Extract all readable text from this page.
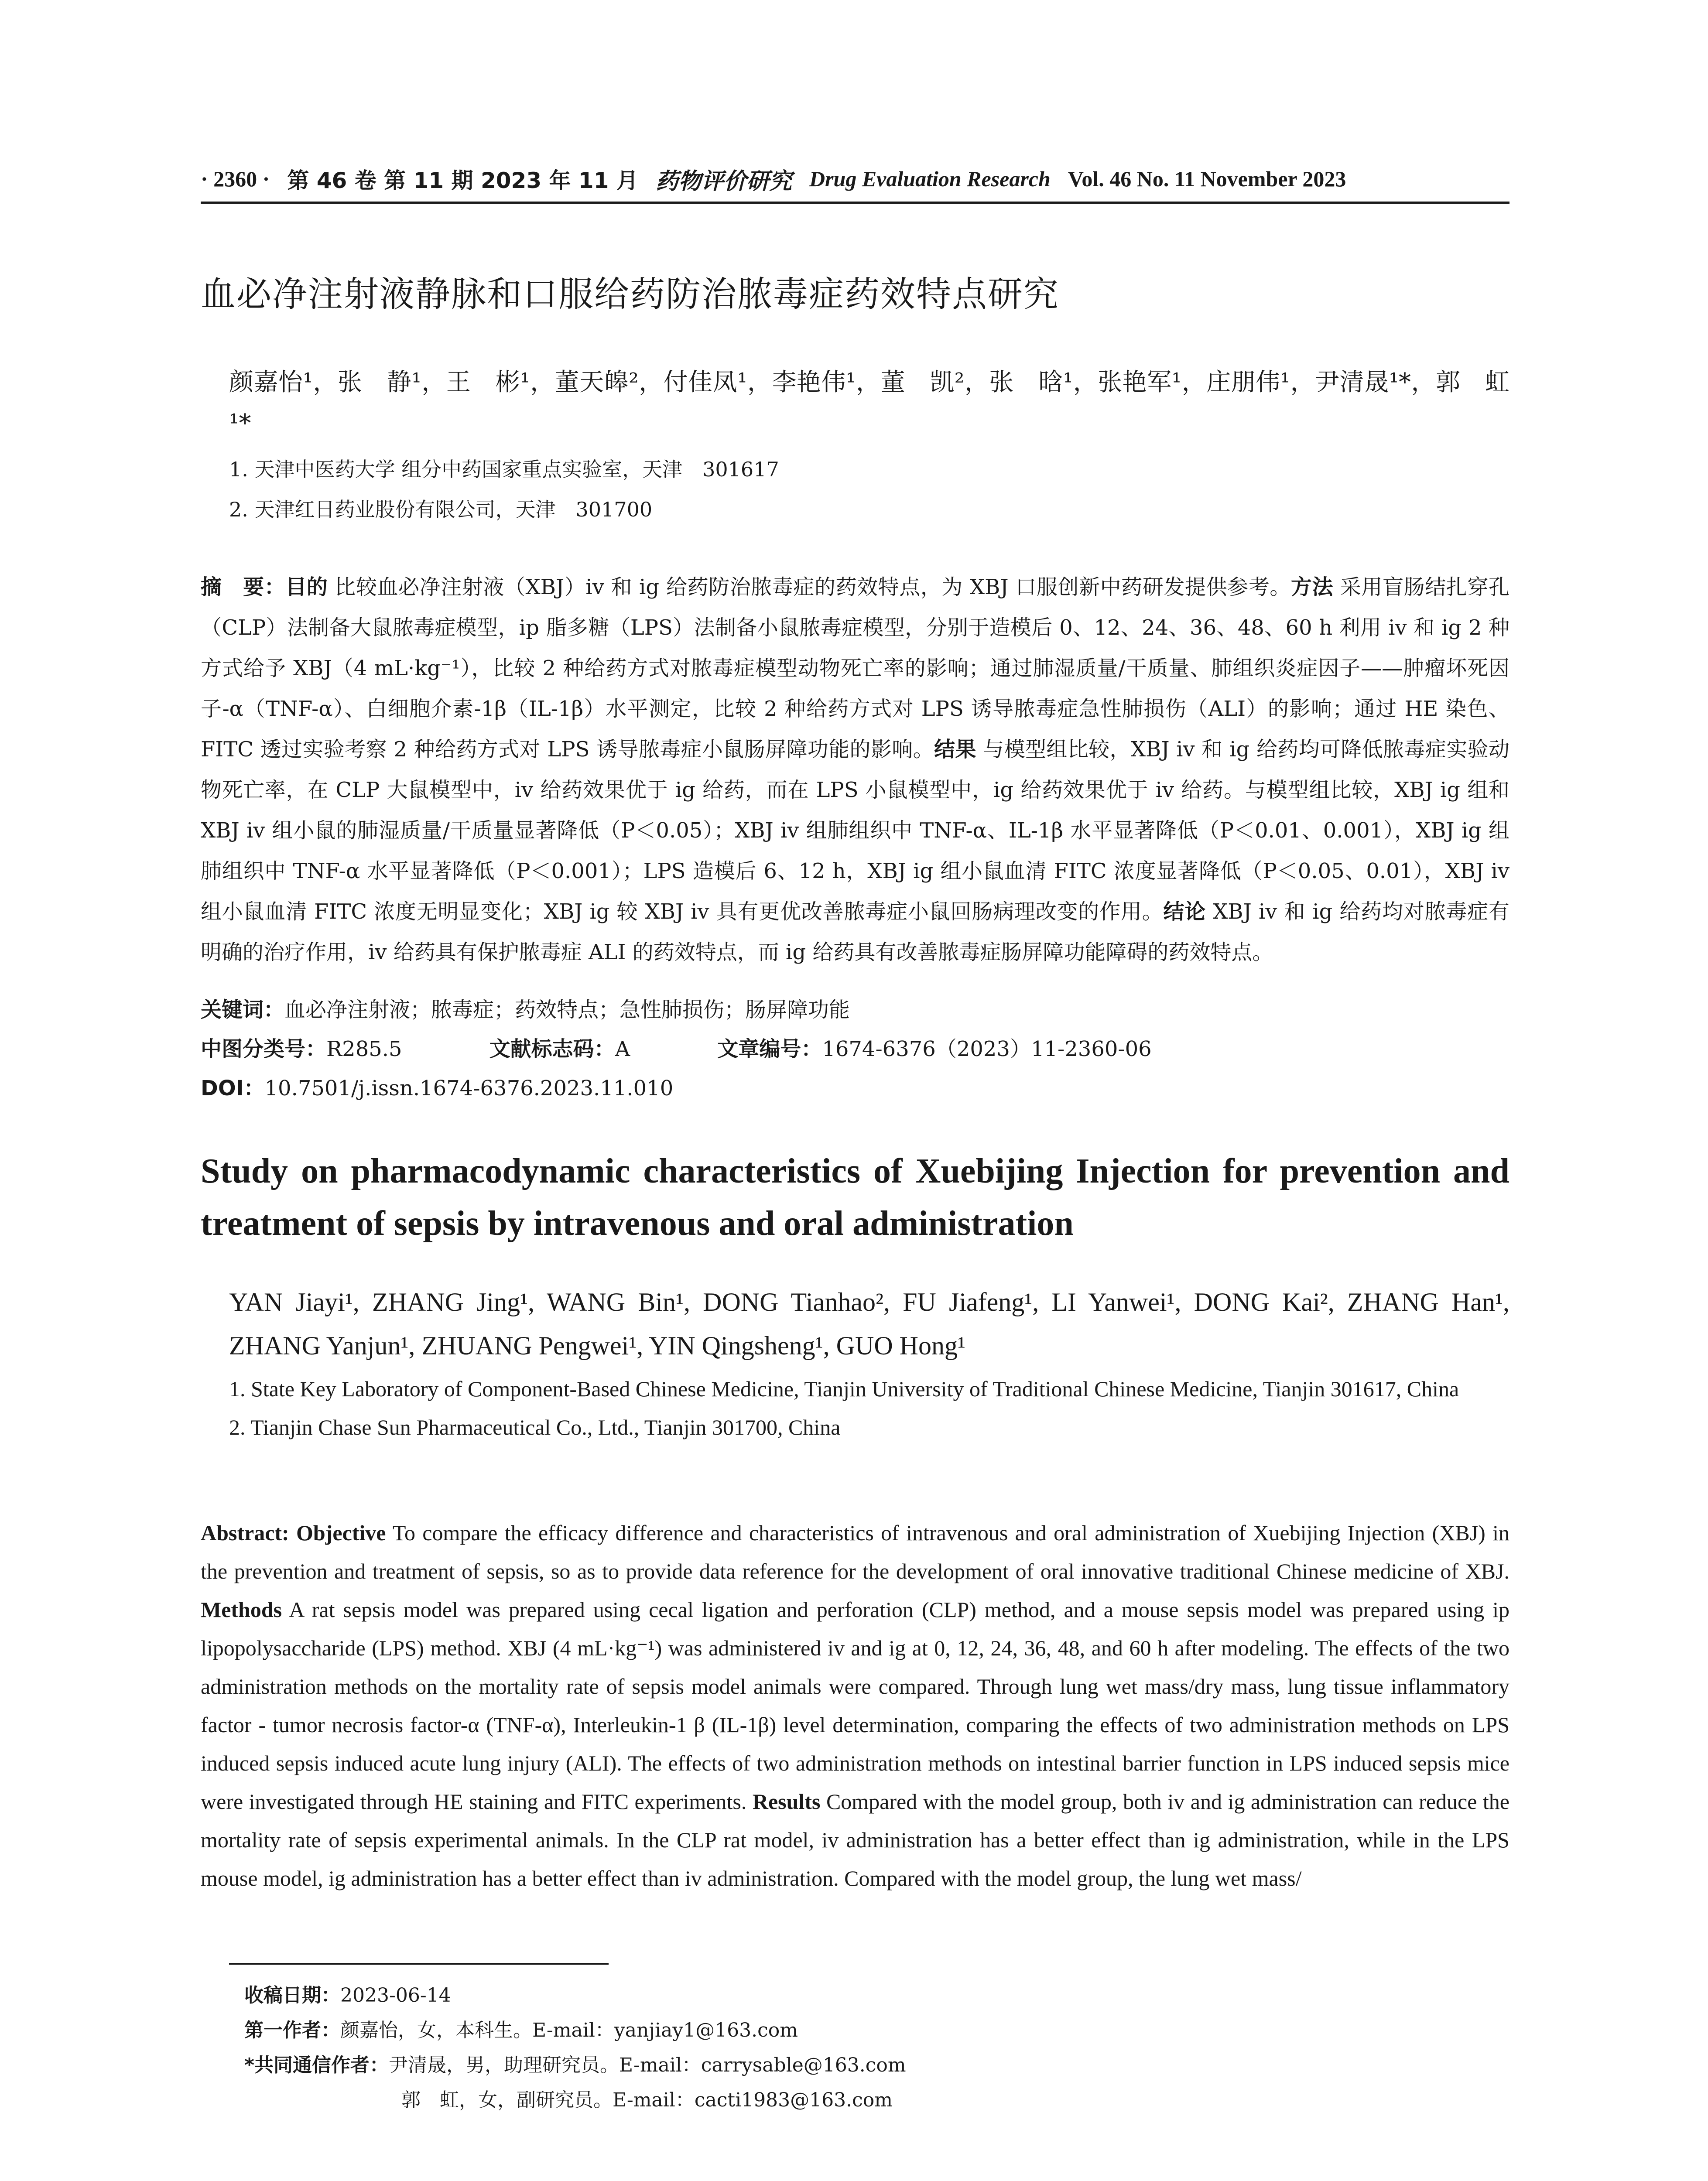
· 2360 · 第 46 卷 第 11 期 2023 年 11 月 药物评价研究 Drug Evaluation Research Vol. 46 No. 11 November 2023
血必净注射液静脉和口服给药防治脓毒症药效特点研究
颜嘉怡¹，张　静¹，王　彬¹，董天皞²，付佳凤¹，李艳伟¹，董　凯²，张　晗¹，张艳军¹，庄朋伟¹，尹清晟¹*，郭　虹¹*
1. 天津中医药大学 组分中药国家重点实验室，天津　301617
2. 天津红日药业股份有限公司，天津　301700
摘　要：目的 比较血必净注射液（XBJ）iv 和 ig 给药防治脓毒症的药效特点，为 XBJ 口服创新中药研发提供参考。方法 采用盲肠结扎穿孔（CLP）法制备大鼠脓毒症模型，ip 脂多糖（LPS）法制备小鼠脓毒症模型，分别于造模后 0、12、24、36、48、60 h 利用 iv 和 ig 2 种方式给予 XBJ（4 mL·kg⁻¹），比较 2 种给药方式对脓毒症模型动物死亡率的影响；通过肺湿质量/干质量、肺组织炎症因子——肿瘤坏死因子-α（TNF-α）、白细胞介素-1β（IL-1β）水平测定，比较 2 种给药方式对 LPS 诱导脓毒症急性肺损伤（ALI）的影响；通过 HE 染色、FITC 透过实验考察 2 种给药方式对 LPS 诱导脓毒症小鼠肠屏障功能的影响。结果 与模型组比较，XBJ iv 和 ig 给药均可降低脓毒症实验动物死亡率，在 CLP 大鼠模型中，iv 给药效果优于 ig 给药，而在 LPS 小鼠模型中，ig 给药效果优于 iv 给药。与模型组比较，XBJ ig 组和 XBJ iv 组小鼠的肺湿质量/干质量显著降低（P＜0.05）；XBJ iv 组肺组织中 TNF-α、IL-1β 水平显著降低（P＜0.01、0.001），XBJ ig 组肺组织中 TNF-α 水平显著降低（P＜0.001）；LPS 造模后 6、12 h，XBJ ig 组小鼠血清 FITC 浓度显著降低（P＜0.05、0.01），XBJ iv 组小鼠血清 FITC 浓度无明显变化；XBJ ig 较 XBJ iv 具有更优改善脓毒症小鼠回肠病理改变的作用。结论 XBJ iv 和 ig 给药均对脓毒症有明确的治疗作用，iv 给药具有保护脓毒症 ALI 的药效特点，而 ig 给药具有改善脓毒症肠屏障功能障碍的药效特点。
关键词：血必净注射液；脓毒症；药效特点；急性肺损伤；肠屏障功能
中图分类号：R285.5	文献标志码：A	文章编号：1674-6376（2023）11-2360-06
DOI：10.7501/j.issn.1674-6376.2023.11.010
Study on pharmacodynamic characteristics of Xuebijing Injection for prevention and treatment of sepsis by intravenous and oral administration
YAN Jiayi¹, ZHANG Jing¹, WANG Bin¹, DONG Tianhao², FU Jiafeng¹, LI Yanwei¹, DONG Kai², ZHANG Han¹, ZHANG Yanjun¹, ZHUANG Pengwei¹, YIN Qingsheng¹, GUO Hong¹
1. State Key Laboratory of Component-Based Chinese Medicine, Tianjin University of Traditional Chinese Medicine, Tianjin 301617, China
2. Tianjin Chase Sun Pharmaceutical Co., Ltd., Tianjin 301700, China
Abstract: Objective To compare the efficacy difference and characteristics of intravenous and oral administration of Xuebijing Injection (XBJ) in the prevention and treatment of sepsis, so as to provide data reference for the development of oral innovative traditional Chinese medicine of XBJ. Methods A rat sepsis model was prepared using cecal ligation and perforation (CLP) method, and a mouse sepsis model was prepared using ip lipopolysaccharide (LPS) method. XBJ (4 mL·kg⁻¹) was administered iv and ig at 0, 12, 24, 36, 48, and 60 h after modeling. The effects of the two administration methods on the mortality rate of sepsis model animals were compared. Through lung wet mass/dry mass, lung tissue inflammatory factor - tumor necrosis factor-α (TNF-α), Interleukin-1 β (IL-1β) level determination, comparing the effects of two administration methods on LPS induced sepsis induced acute lung injury (ALI). The effects of two administration methods on intestinal barrier function in LPS induced sepsis mice were investigated through HE staining and FITC experiments. Results Compared with the model group, both iv and ig administration can reduce the mortality rate of sepsis experimental animals. In the CLP rat model, iv administration has a better effect than ig administration, while in the LPS mouse model, ig administration has a better effect than iv administration. Compared with the model group, the lung wet mass/
收稿日期：2023-06-14
第一作者：颜嘉怡，女，本科生。E-mail：yanjiay1@163.com
*共同通信作者：尹清晟，男，助理研究员。E-mail：carrysable@163.com
郭　虹，女，副研究员。E-mail：cacti1983@163.com
